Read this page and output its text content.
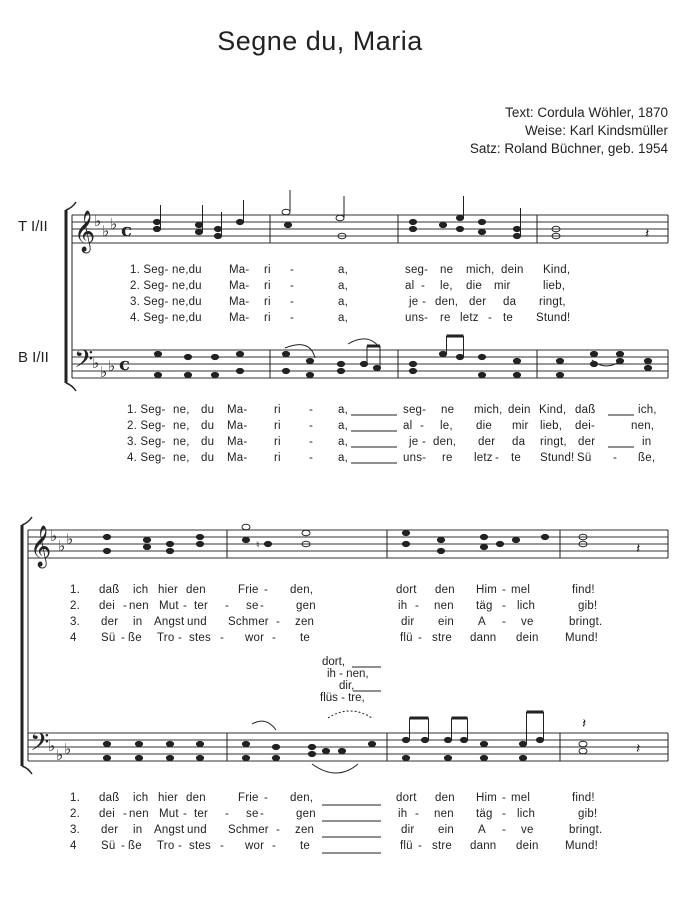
Segne du, Maria
Text: Cordula Wöhler, 1870
Weise: Karl Kindsmüller
Satz: Roland Büchner, geb. 1954
T I/II
B I/II
𝄞
𝄢
𝄞
𝄢
♭
♭ ♭
♭ ♭ ♭
♭
♭ ♭
♭ ♭ ♭
c
c
𝄽
♮	𝄽
𝄽
𝄽
1. Seg- ne,du Ma- ri -	a,	seg- ne mich, dein Kind,
2. Seg- ne,du Ma- ri -	a,	al - le, die mir	lieb,
3. Seg- ne,du Ma- ri -	a,	je - den, der da ringt,
4. Seg- ne,du Ma- ri -	a,	uns- re letz - te Stund!
1. Seg- ne, du Ma- ri - a,	seg- ne mich, dein Kind, daß	ich,
2. Seg- ne, du Ma- ri - a,	al - le, die mir lieb, dei-	nen,
3. Seg- ne, du Ma- ri - a,	je - den, der da ringt, der	in
4. Seg- ne, du Ma- ri - a,	uns- re letz - te Stund! Sü - ße,
1. daß ich hier den	Frie - den,	dort den Him - mel	find!
2. dei - nen Mut - ter - se -	gen	ih - nen täg - lich	gib!
3. der in Angst und Schmer - zen	dir ein A - ve	bringt.
4 Sü - ße Tro - stes - wor - te	flü - stre dann dein Mund!
dort,
ih - nen,
dir,
flüs - tre,
1. daß ich hier den	Frie - den,	dort den Him - mel	find!
2. dei - nen Mut - ter - se -	gen	ih - nen täg - lich	gib!
3. der in Angst und Schmer - zen	dir ein A - ve	bringt.
4 Sü - ße Tro - stes - wor - te	flü - stre dann dein Mund!
